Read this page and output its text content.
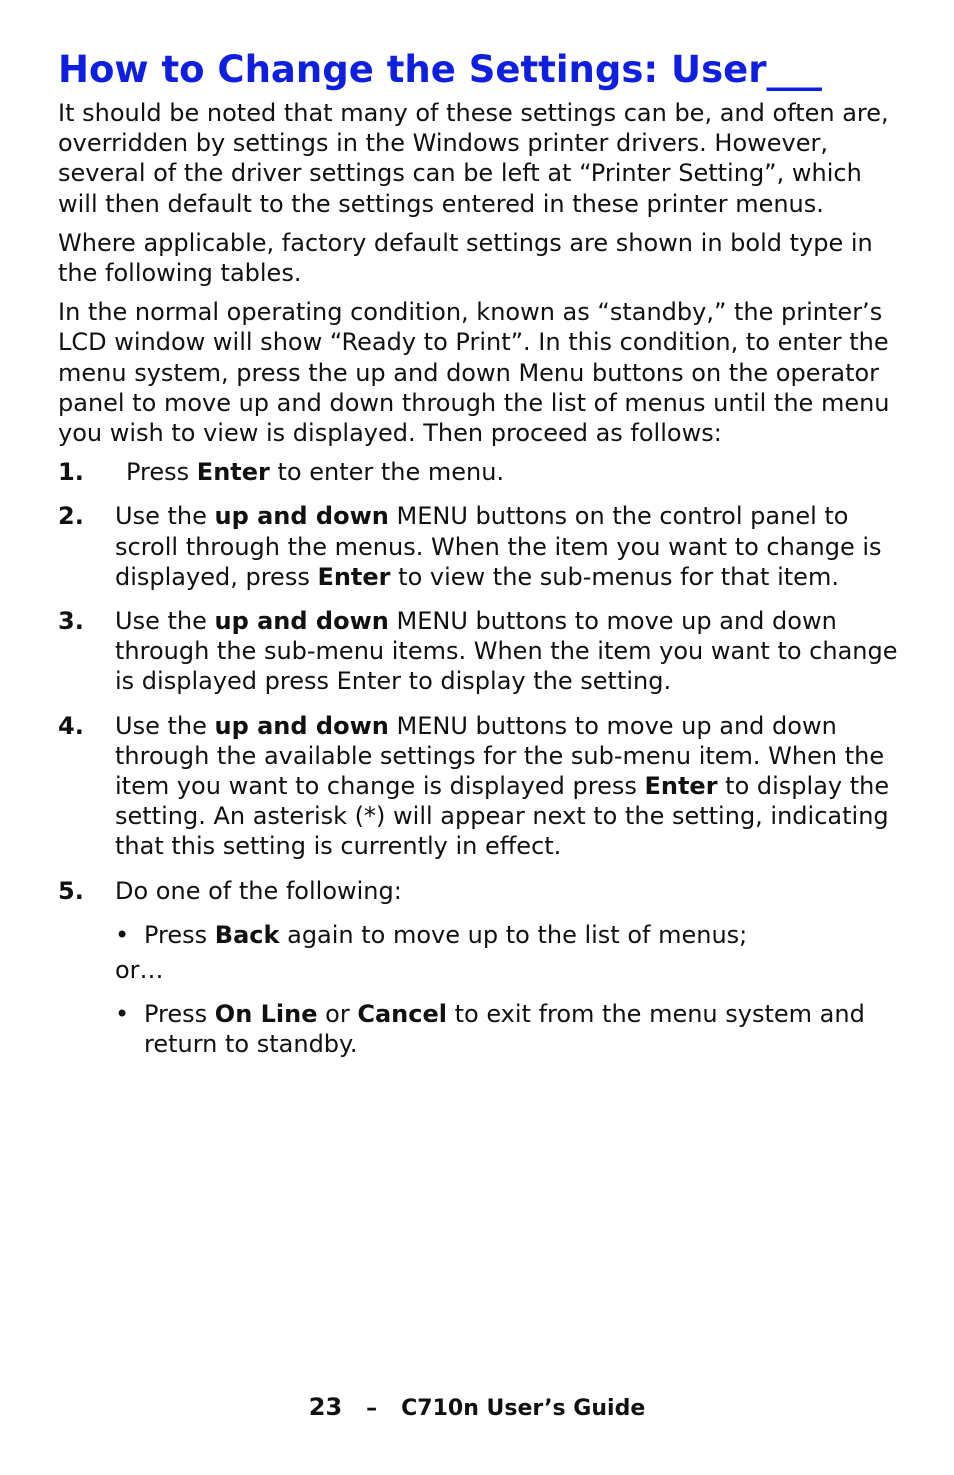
How to Change the Settings: User___

It should be noted that many of these settings can be, and often are, overridden by settings in the Windows printer drivers. However, several of the driver settings can be left at “Printer Setting”, which will then default to the settings entered in these printer menus.

Where applicable, factory default settings are shown in bold type in the following tables.

In the normal operating condition, known as “standby,” the printer’s LCD window will show “Ready to Print”. In this condition, to enter the menu system, press the up and down Menu buttons on the operator panel to move up and down through the list of menus until the menu you wish to view is displayed. Then proceed as follows:

1.	Press Enter to enter the menu.
2. Use the up and down MENU buttons on the control panel to scroll through the menus. When the item you want to change is displayed, press Enter to view the sub-menus for that item.
3. Use the up and down MENU buttons to move up and down through the sub-menu items. When the item you want to change is displayed press Enter to display the setting.
4. Use the up and down MENU buttons to move up and down through the available settings for the sub-menu item. When the item you want to change is displayed press Enter to display the setting. An asterisk (*) will appear next to the setting, indicating that this setting is currently in effect.
5. Do one of the following:
• Press Back again to move up to the list of menus;
or…
• Press On Line or Cancel to exit from the menu system and return to standby.
23 – C710n User’s Guide
